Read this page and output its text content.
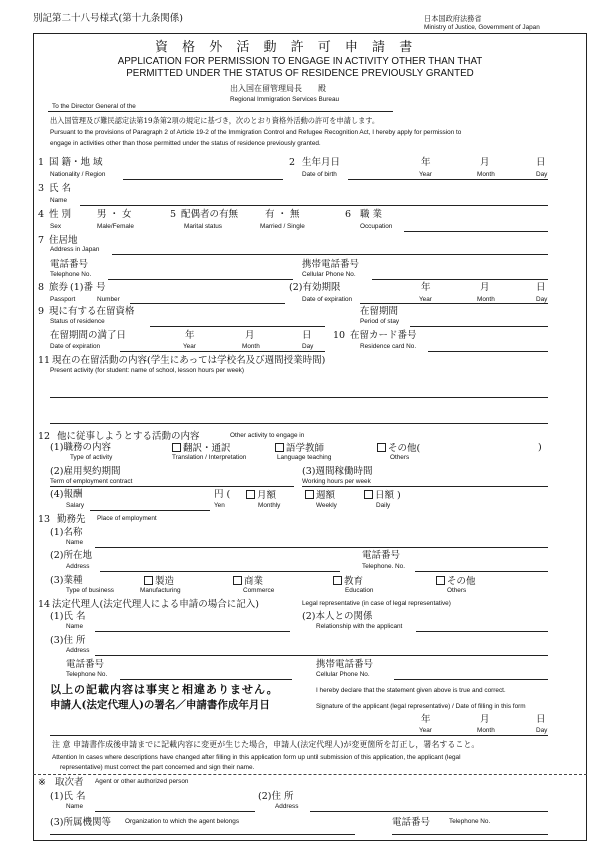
別記第二十八号様式(第十九条関係)	日本国政府法務省
Ministry of Justice, Government of Japan
資 格 外 活 動 許 可 申 請 書
APPLICATION FOR PERMISSION TO ENGAGE IN ACTIVITY OTHER THAN THAT
PERMITTED UNDER THE STATUS OF RESIDENCE PREVIOUSLY GRANTED
出入国在留管理局長　　殿
To the Director General of the
Regional Immigration Services Bureau
出入国管理及び難民認定法第19条第2項の規定に基づき，次のとおり資格外活動の許可を申請します。
Pursuant to the provisions of Paragraph 2 of Article 19-2 of the Immigration Control and Refugee Recognition Act, I hereby apply for permission to
engage in activities other than those permitted under the status of residence previously granted.
1 国 籍・地 域
Nationality / Region
2 生年月日
Date of birth
年	月	日
Year	Month	Day
3 氏 名
Name
4 性 別
Sex
男 ・ 女
Male/Female
5 配偶者の有無
Marital status
有 ・ 無
Married / Single
6 職 業
Occupation
7 住居地
Address in Japan
電話番号
Telephone No.
携帯電話番号
Cellular Phone No.
8 旅券 (1)番 号
Passport	Number
(2)有効期限
Date of expiration
年	月	日
Year	Month	Day
9 現に有する在留資格
Status of residence
在留期間
Period of stay
在留期間の満了日
Date of expiration
年	月	日
Year	Month	Day
10 在留カード番号
Residence card No.
11 現在の在留活動の内容(学生にあっては学校名及び週間授業時間)
Present activity (for student: name of school, lesson hours per week)
12 他に従事しようとする活動の内容	Other activity to engage in
(1)職務の内容
Type of activity
翻訳・通訳
Translation / Interpretation
語学教師
Language teaching
その他(	)
Others
(2)雇用契約期間
Term of employment contract
(3)週間稼働時間
Working hours per week
(4)報酬
Salary
円 (
Yen
月額
Monthly
週額
Weekly
日額 )
Daily
13 勤務先 Place of employment
(1)名称
Name
(2)所在地
Address
電話番号
Telephone. No.
(3)業種
Type of business
製造
Manufacturing
商業
Commerce
教育
Education
その他
Others
14 法定代理人(法定代理人による申請の場合に記入)	Legal representative (in case of legal representative)
(1)氏 名
Name
(2)本人との関係
Relationship with the applicant
(3)住 所
Address
電話番号
Telephone No.
携帯電話番号
Cellular Phone No.
以上の記載内容は事実と相違ありません。	I hereby declare that the statement given above is true and correct.
申請人(法定代理人)の署名／申請書作成年月日	Signature of the applicant (legal representative) / Date of filling in this form
年	月	日
Year	Month	Day
注 意 申請書作成後申請までに記載内容に変更が生じた場合，申請人(法定代理人)が変更箇所を訂正し，署名すること。
Attention In cases where descriptions have changed after filling in this application form up until submission of this application, the applicant (legal
representative) must correct the part concerned and sign their name.
※ 取次者 Agent or other authorized person
(1)氏 名
Name
(2)住 所
Address
(3)所属機関等 Organization to which the agent belongs	電話番号	Telephone No.
